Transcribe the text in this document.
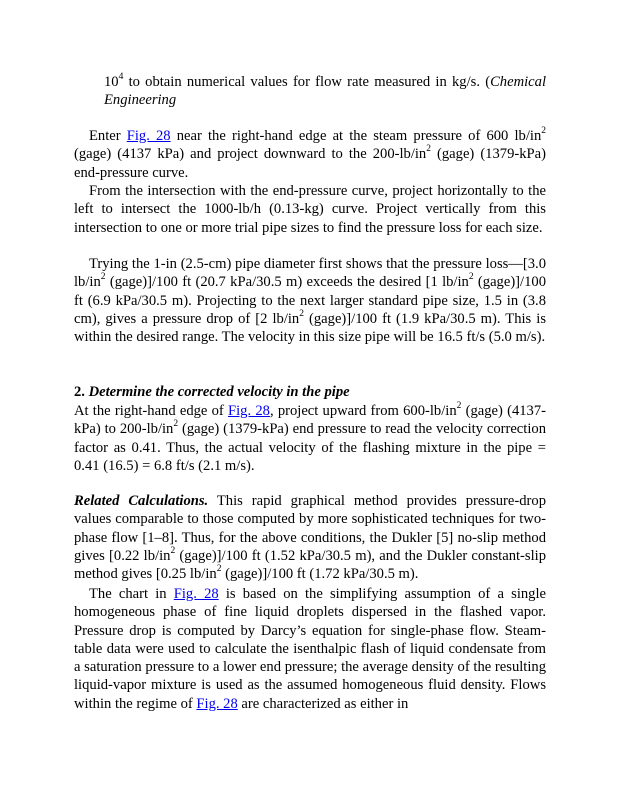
$10^4$ to obtain numerical values for flow rate measured in kg/s. (Chemical Engineering

Enter Fig. 28 near the right-hand edge at the steam pressure of 600 $lb/in^2$ (gage) (4137 kPa) and project downward to the $200-lb/in^2$ (gage) (1379-kPa) end-pressure curve.

From the intersection with the end-pressure curve, project horizontally to the left to intersect the 1000-lb/h (0.13-kg) curve. Project vertically from this intersection to one or more trial pipe sizes to find the pressure loss for each size.

Trying the 1-in (2.5-cm) pipe diameter first shows that the pressure loss—[3.0 $lb/in^2$ (gage)]/100 ft (20.7 kPa/30.5 m) exceeds the desired [1 $lb/in^2$ (gage)]/100 ft (6.9 kPa/30.5 m). Projecting to the next larger standard pipe size, 1.5 in (3.8 cm), gives a pressure drop of [2 $lb/in^2$ (gage)]/100 ft (1.9 kPa/30.5 m). This is within the desired range. The velocity in this size pipe will be 16.5 ft/s (5.0 m/s).

2. Determine the corrected velocity in the pipe

At the right-hand edge of Fig. 28, project upward from $600-lb/in^2$ (gage) (4137-kPa) to $200-lb/in^2$ (gage) (1379-kPa) end pressure to read the velocity correction factor as 0.41. Thus, the actual velocity of the flashing mixture in the pipe = 0.41 (16.5) = 6.8 ft/s (2.1 m/s).

Related Calculations. This rapid graphical method provides pressure-drop values comparable to those computed by more sophisticated techniques for two-phase flow [1–8]. Thus, for the above conditions, the Dukler [5] no-slip method gives [0.22 $lb/in^2$ (gage)]/100 ft (1.52 kPa/30.5 m), and the Dukler constant-slip method gives [0.25 $lb/in^2$ (gage)]/100 ft (1.72 kPa/30.5 m).

The chart in Fig. 28 is based on the simplifying assumption of a single homogeneous phase of fine liquid droplets dispersed in the flashed vapor. Pressure drop is computed by Darcy’s equation for single-phase flow. Steam-table data were used to calculate the isenthalpic flash of liquid condensate from a saturation pressure to a lower end pressure; the average density of the resulting liquid-vapor mixture is used as the assumed homogeneous fluid density. Flows within the regime of Fig. 28 are characterized as either in
